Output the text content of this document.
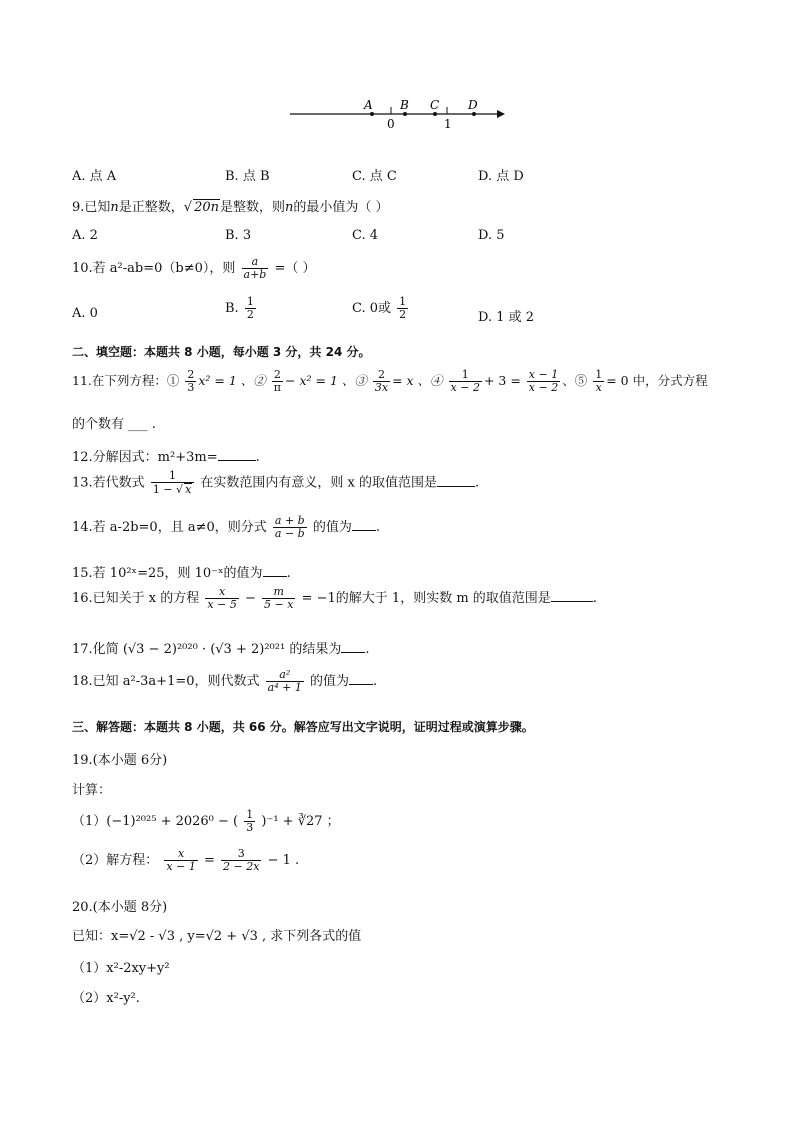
A B C D
0	1
A. 点 A	B. 点 B	C. 点 C	D. 点 D
9.已知n是正整数，√ 20n是整数，则n的最小值为（ ）
A. 2	B. 3	C. 4	D. 5
10.若 a²-ab=0（b≠0），则 $\frac{a}{a+b}$ =（ ）
A. 0	B. $\frac{1}{2}$	C. 0或 $\frac{1}{2}$	D. 1 或 2
二、填空题：本题共 8 小题，每小题 3 分，共 24 分。
11.在下列方程：① $\frac{2}{3} x^2 = 1$ 、② $\frac{2}{\pi} - x^2 = 1$ 、③ $\frac{2}{3x} = x$ 、④ $\frac{1}{x - 2} + 3 = \frac{x - 1}{x - 2}$ 、⑤ $\frac{1}{x} = 0$ 中，分式方程
的个数有 ___ .
12.分解因式：m²+3m=	.
13.若代数式 $\frac{1}{1 - √ x}$ 在实数范围内有意义，则 x 的取值范围是	.
14.若 a-2b=0，且 a≠0，则分式 $\frac{a + b}{a - b}$ 的值为 .
15.若 10²ˣ=25，则 10⁻ˣ的值为 .
16.已知关于 x 的方程 $\frac{x}{x - 5} - \frac{m}{5 - x} = -1$的解大于 1，则实数 m 的取值范围是	.
17.化简 (√3 − 2)²⁰²⁰ · (√3 + 2)²⁰²¹ 的结果为 .
18.已知 a²-3a+1=0，则代数式 $\frac{\text{a²}}{\text{a⁴ + 1}}$ 的值为 .
三、解答题：本题共 8 小题，共 66 分。解答应写出文字说明，证明过程或演算步骤。
19.(本小题 6分)
计算：
（1）(−1)²⁰²⁵ + 2026⁰ − ( $\frac{1}{3} )^{-1}$ + ∛27 ；
（2）解方程： $\frac{x}{x - 1} = \frac{3}{2 - 2x} - 1$ .
20.(本小题 8分)
已知：x=√2 - √3 , y=√2 + √3 , 求下列各式的值
（1）x²-2xy+y²
（2）x²-y².
